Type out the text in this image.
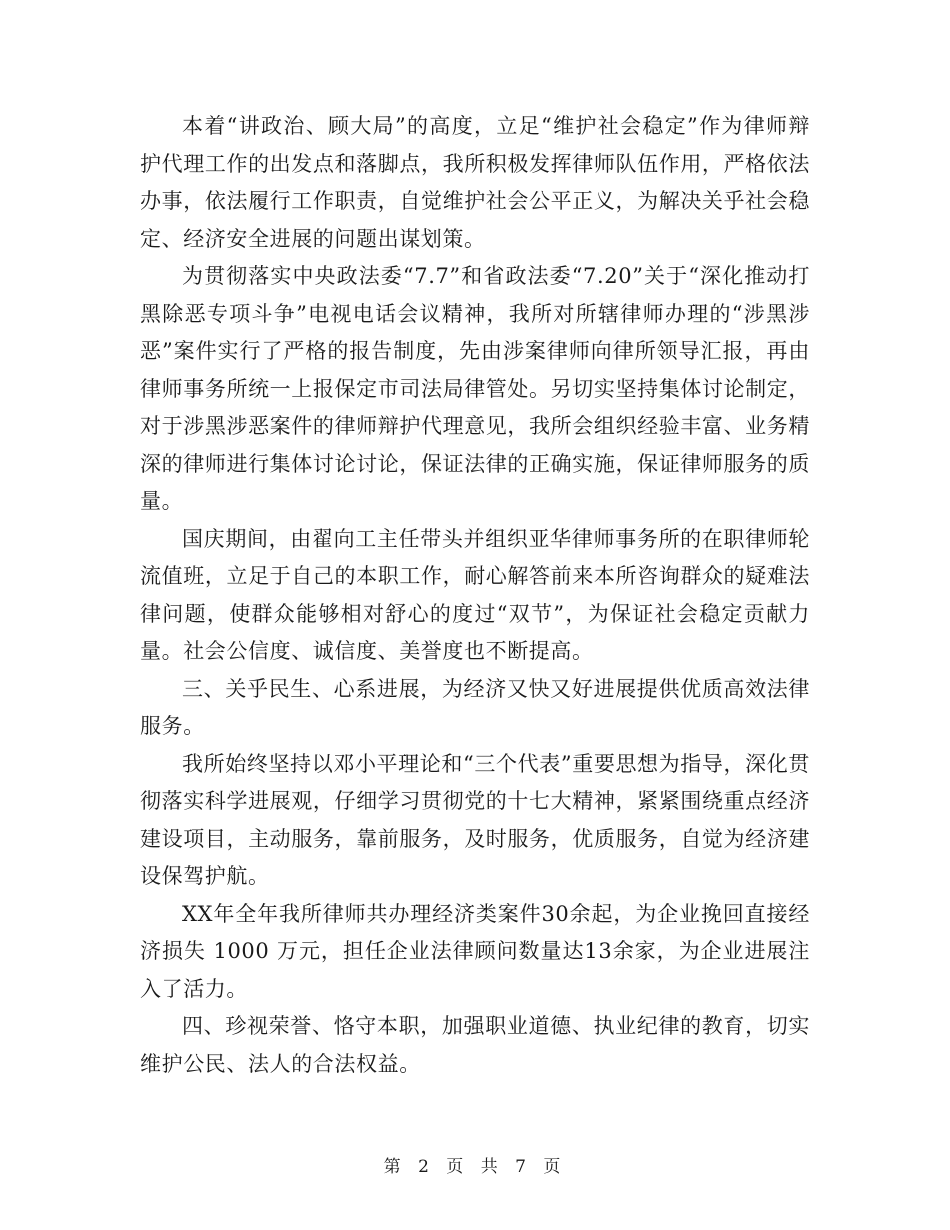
本着“讲政治、顾大局”的高度，立足“维护社会稳定”作为律师辩护代理工作的出发点和落脚点，我所积极发挥律师队伍作用，严格依法办事，依法履行工作职责，自觉维护社会公平正义，为解决关乎社会稳定、经济安全进展的问题出谋划策。

为贯彻落实中央政法委“7.7”和省政法委“7.20”关于“深化推动打黑除恶专项斗争”电视电话会议精神，我所对所辖律师办理的“涉黑涉恶”案件实行了严格的报告制度，先由涉案律师向律所领导汇报，再由律师事务所统一上报保定市司法局律管处。另切实坚持集体讨论制定，对于涉黑涉恶案件的律师辩护代理意见，我所会组织经验丰富、业务精深的律师进行集体讨论讨论，保证法律的正确实施，保证律师服务的质量。

国庆期间，由翟向工主任带头并组织亚华律师事务所的在职律师轮流值班，立足于自己的本职工作，耐心解答前来本所咨询群众的疑难法律问题，使群众能够相对舒心的度过“双节”，为保证社会稳定贡献力量。社会公信度、诚信度、美誉度也不断提高。

三、关乎民生、心系进展，为经济又快又好进展提供优质高效法律服务。

我所始终坚持以邓小平理论和“三个代表”重要思想为指导，深化贯彻落实科学进展观，仔细学习贯彻党的十七大精神，紧紧围绕重点经济建设项目，主动服务，靠前服务，及时服务，优质服务，自觉为经济建设保驾护航。

XX年全年我所律师共办理经济类案件30余起，为企业挽回直接经济损失 1000 万元，担任企业法律顾问数量达13余家，为企业进展注入了活力。

四、珍视荣誉、恪守本职，加强职业道德、执业纪律的教育，切实维护公民、法人的合法权益。

第 2 页 共 7 页
